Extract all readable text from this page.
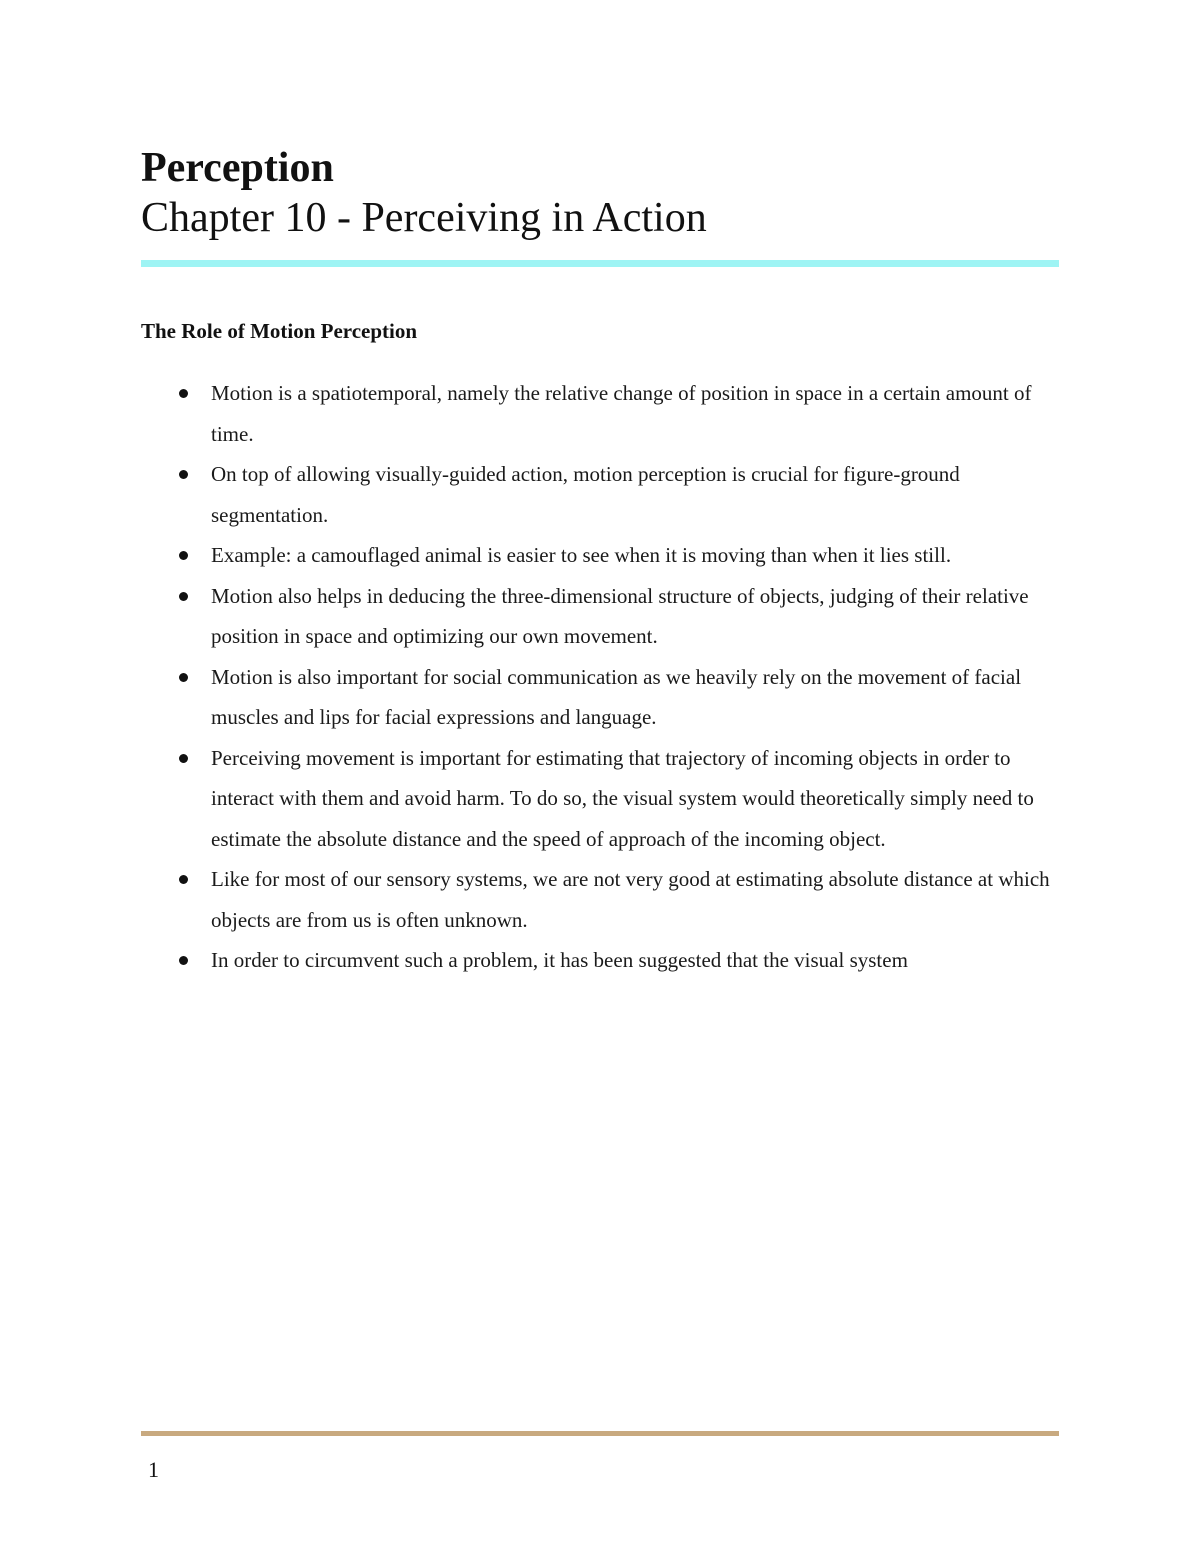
Perception
Chapter 10 - Perceiving in Action
The Role of Motion Perception
Motion is a spatiotemporal, namely the relative change of position in space in a certain amount of time.
On top of allowing visually-guided action, motion perception is crucial for figure-ground segmentation.
Example: a camouflaged animal is easier to see when it is moving than when it lies still.
Motion also helps in deducing the three-dimensional structure of objects, judging of their relative position in space and optimizing our own movement.
Motion is also important for social communication as we heavily rely on the movement of facial muscles and lips for facial expressions and language.
Perceiving movement is important for estimating that trajectory of incoming objects in order to interact with them and avoid harm. To do so, the visual system would theoretically simply need to estimate the absolute distance and the speed of approach of the incoming object.
Like for most of our sensory systems, we are not very good at estimating absolute distance at which objects are from us is often unknown.
In order to circumvent such a problem, it has been suggested that the visual system

1
